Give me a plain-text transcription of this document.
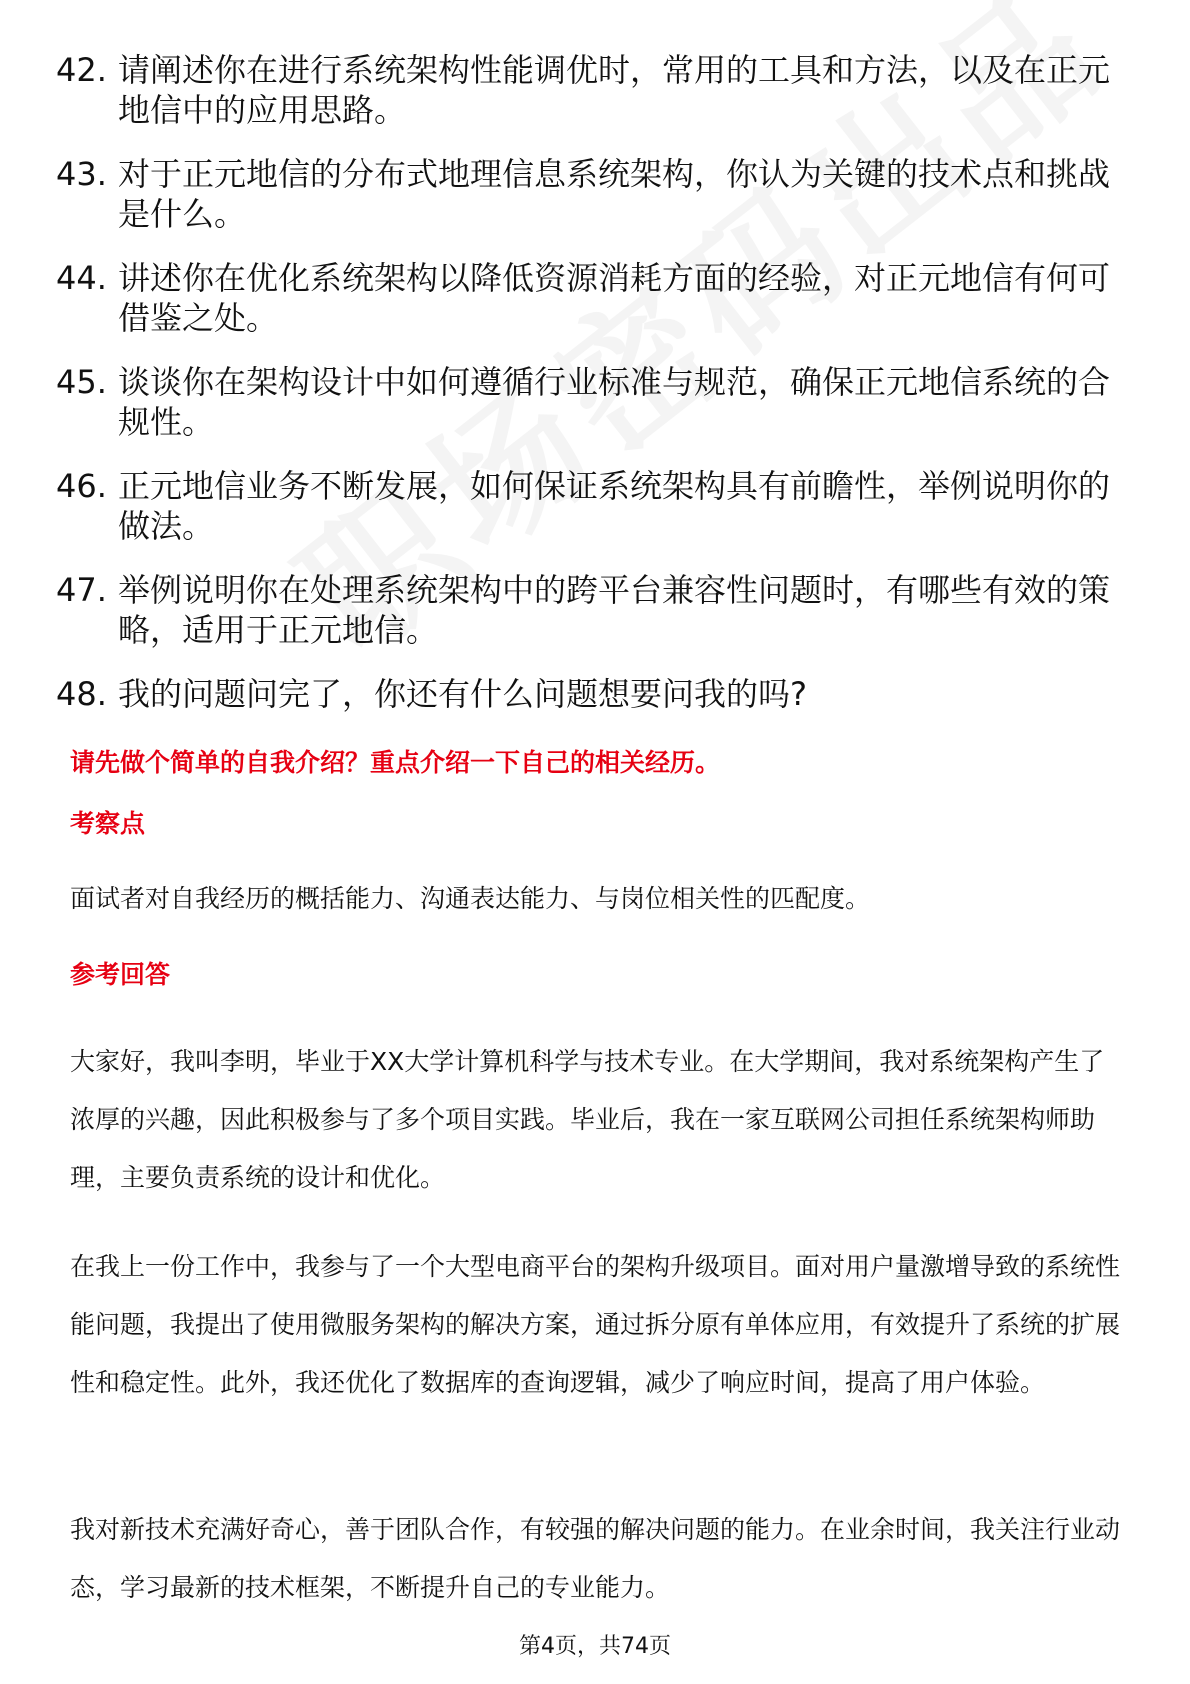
42. 请阐述你在进行系统架构性能调优时，常用的工具和方法，以及在正元地信中的应用思路。
43. 对于正元地信的分布式地理信息系统架构，你认为关键的技术点和挑战是什么。
44. 讲述你在优化系统架构以降低资源消耗方面的经验，对正元地信有何可借鉴之处。
45. 谈谈你在架构设计中如何遵循行业标准与规范，确保正元地信系统的合规性。
46. 正元地信业务不断发展，如何保证系统架构具有前瞻性，举例说明你的做法。
47. 举例说明你在处理系统架构中的跨平台兼容性问题时，有哪些有效的策略，适用于正元地信。
48. 我的问题问完了，你还有什么问题想要问我的吗?
请先做个简单的自我介绍？重点介绍一下自己的相关经历。
考察点

面试者对自我经历的概括能力、沟通表达能力、与岗位相关性的匹配度。

参考回答

大家好，我叫李明，毕业于XX大学计算机科学与技术专业。在大学期间，我对系统架构产生了浓厚的兴趣，因此积极参与了多个项目实践。毕业后，我在一家互联网公司担任系统架构师助理，主要负责系统的设计和优化。

在我上一份工作中，我参与了一个大型电商平台的架构升级项目。面对用户量激增导致的系统性能问题，我提出了使用微服务架构的解决方案，通过拆分原有单体应用，有效提升了系统的扩展性和稳定性。此外，我还优化了数据库的查询逻辑，减少了响应时间，提高了用户体验。

我对新技术充满好奇心，善于团队合作，有较强的解决问题的能力。在业余时间，我关注行业动态，学习最新的技术框架，不断提升自己的专业能力。

第4页，共74页
